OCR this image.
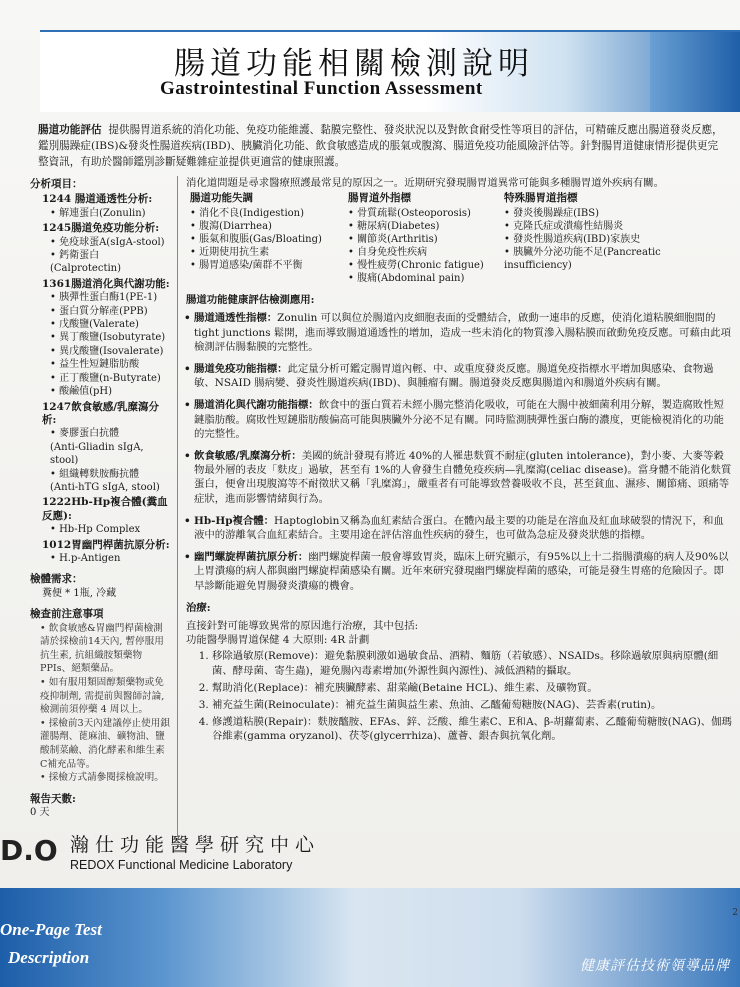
腸道功能相關檢測說明
Gastrointestinal Function Assessment
腸道功能評估 提供腸胃道系統的消化功能、免疫功能維護、黏膜完整性、發炎狀況以及對飲食耐受性等項目的評估，可精確反應出腸道發炎反應，鑑別腸躁症(IBS)&發炎性腸道疾病(IBD)、胰臟消化功能、飲食敏感造成的脹氣或腹瀉、腸道免疫功能風險評估等。針對腸胃道健康情形提供更完整資訊，有助於醫師鑑別診斷疑難雜症並提供更適當的健康照護。
分析項目：
1244 腸道通透性分析:
• 解連蛋白(Zonulin)
1245腸道免疫功能分析:
• 免疫球蛋A(sIgA-stool)
• 鈣衛蛋白(Calprotectin)
1361腸道消化與代謝功能:
• 胰彈性蛋白酶1(PE-1)
• 蛋白質分解產(PPB)
• 戊酸鹽(Valerate)
• 異丁酸鹽(Isobutyrate)
• 異戊酸鹽(Isovalerate)
• 益生性短鏈脂肪酸
• 正丁酸鹽(n-Butyrate)
• 酸鹼值(pH)
1247飲食敏感/乳糜瀉分析:
• 麥膠蛋白抗體
(Anti-Gliadin sIgA, stool)
• 組織轉麩胺酶抗體
(Anti-hTG sIgA, stool)
1222Hb-Hp複合體(糞血反應):
• Hb-Hp Complex
1012胃幽門桿菌抗原分析:
• H.p-Antigen
檢體需求：
糞便 * 1瓶, 冷藏
檢查前注意事項
• 飲食敏感&胃幽門桿菌檢測請於採檢前14天內, 暫停服用抗生素, 抗組織胺類藥物 PPIs、絕類藥品。
• 如有服用類固醇類藥物或免疫抑制劑, 需提前與醫師討論, 檢測前須停藥 4 周以上。
• 採檢前3天內建議停止使用鋇灌腸劑、蓖麻油、礦物油、鹽酸制菜鹼、消化酵素和維生素C補充品等。
• 採檢方式請參閱採檢說明。
報告天數:
0 天
消化道問題是尋求醫療照護最常見的原因之一。近期研究發現腸胃道異常可能與多種腸胃道外疾病有關。
腸道功能失調
• 消化不良(Indigestion)
• 腹瀉(Diarrhea)
• 脹氣和腹脹(Gas/Bloating)
• 近期使用抗生素
• 腸胃道感染/菌群不平衡
腸胃道外指標
• 骨質疏鬆(Osteoporosis)
• 糖尿病(Diabetes)
• 關節炎(Arthritis)
• 自身免疫性疾病
• 慢性疲勞(Chronic fatigue)
• 腹痛(Abdominal pain)
特殊腸胃道指標
• 發炎後腸躁症(IBS)
• 克隆氏症或潰瘍性結腸炎
• 發炎性腸道疾病(IBD)家族史
• 胰臟外分泌功能不足(Pancreatic insufficiency)
腸道功能健康評估檢測應用:
• 腸道通透性指標：Zonulin 可以與位於腸道內皮細胞表面的受體結合，啟動一連串的反應，使消化道粘膜細胞間的 tight junctions 鬆開，進而導致腸道通透性的增加，造成一些未消化的物質滲入腸粘膜而啟動免疫反應。可藉由此項檢測評估腸黏膜的完整性。
• 腸道免疫功能指標：此定量分析可鑑定腸胃道內輕、中、或重度發炎反應。腸道免疫指標水平增加與感染、食物過敏、NSAID 腸病變、發炎性腸道疾病(IBD)、與腫瘤有關。腸道發炎反應與腸道內和腸道外疾病有關。
• 腸道消化與代謝功能指標：飲食中的蛋白質若未經小腸完整消化吸收，可能在大腸中被細菌利用分解，製造腐敗性短鏈脂肪酸。腐敗性短鏈脂肪酸偏高可能與胰臟外分泌不足有關。同時監測胰彈性蛋白酶的濃度，更能檢視消化的功能的完整性。
• 飲食敏感/乳糜瀉分析：美國的統計發現有將近 40%的人罹患麩質不耐症(gluten intolerance)，對小麥、大麥等穀物最外層的表皮「麩皮」過敏，甚至有 1%的人會發生自體免疫疾病—乳糜瀉(celiac disease)。當身體不能消化麩質蛋白，便會出現腹瀉等不耐徵狀又稱「乳糜瀉」，嚴重者有可能導致營養吸收不良，甚至貧血、濕疹、關節痛、頭痛等症狀，進而影響情緒與行為。
• Hb-Hp複合體：Haptoglobin又稱為血紅素結合蛋白。在體內最主要的功能是在溶血及紅血球破裂的情況下，和血液中的游離氧合血紅素結合。主要用途在評估溶血性疾病的發生，也可做為急症及發炎狀態的指標。
• 幽門螺旋桿菌抗原分析：幽門螺旋桿菌一般會導致胃炎，臨床上研究顯示，有95%以上十二指腸潰瘍的病人及90%以上胃潰瘍的病人都與幽門螺旋桿菌感染有關。近年來研究發現幽門螺旋桿菌的感染，可能是發生胃癌的危險因子。即早診斷能避免胃腸發炎潰瘍的機會。
治療:
直接針對可能導致異常的原因進行治療，其中包括:
功能醫學腸胃道保健 4 大原則: 4R 計劃
1. 移除過敏原(Remove)：避免黏膜刺激如過敏食品、酒精、麵筋（若敏感）、NSAIDs。移除過敏原與病原體(細菌、酵母菌、寄生蟲)，避免腸內毒素增加(外源性與內源性)、減低酒精的攝取。
2. 幫助消化(Replace)：補充胰臟酵素、甜菜鹼(Betaine HCL)、維生素、及礦物質。
3. 補充益生菌(Reinoculate)：補充益生菌與益生素、魚油、乙醯葡萄糖胺(NAG)、芸香素(rutin)。
4. 修護道粘膜(Repair)：麩胺醯胺、EFAs、鋅、泛酸、維生素C、E和A、β-胡蘿蔔素、乙醯葡萄糖胺(NAG)、伽瑪谷維素(gamma oryzanol)、茯苓(glycerrhiza)、蘆薈、銀杏與抗氧化劑。
D.O 瀚仕功能醫學研究中心
REDOX Functional Medicine Laboratory
2
One-Page Test
Description	健康評估技術領導品牌
